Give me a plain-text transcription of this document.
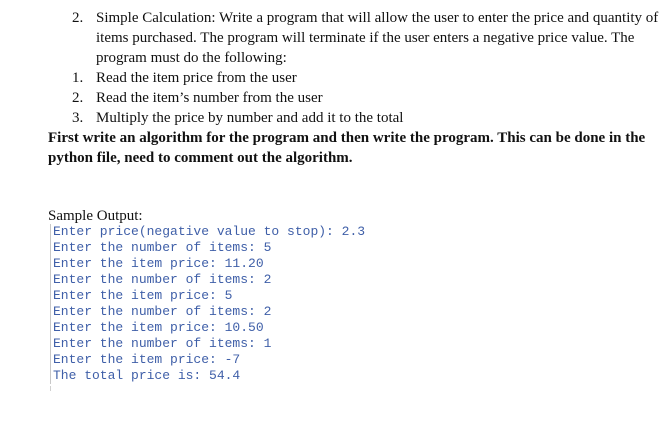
2. Simple Calculation: Write a program that will allow the user to enter the price and quantity of items purchased. The program will terminate if the user enters a negative price value. The program must do the following:
1. Read the item price from the user
2. Read the item’s number from the user
3. Multiply the price by number and add it to the total
First write an algorithm for the program and then write the program. This can be done in the python file, need to comment out the algorithm.
Sample Output:
Enter price(negative value to stop): 2.3
Enter the number of items: 5
Enter the item price: 11.20
Enter the number of items: 2
Enter the item price: 5
Enter the number of items: 2
Enter the item price: 10.50
Enter the number of items: 1
Enter the item price: -7
The total price is: 54.4
